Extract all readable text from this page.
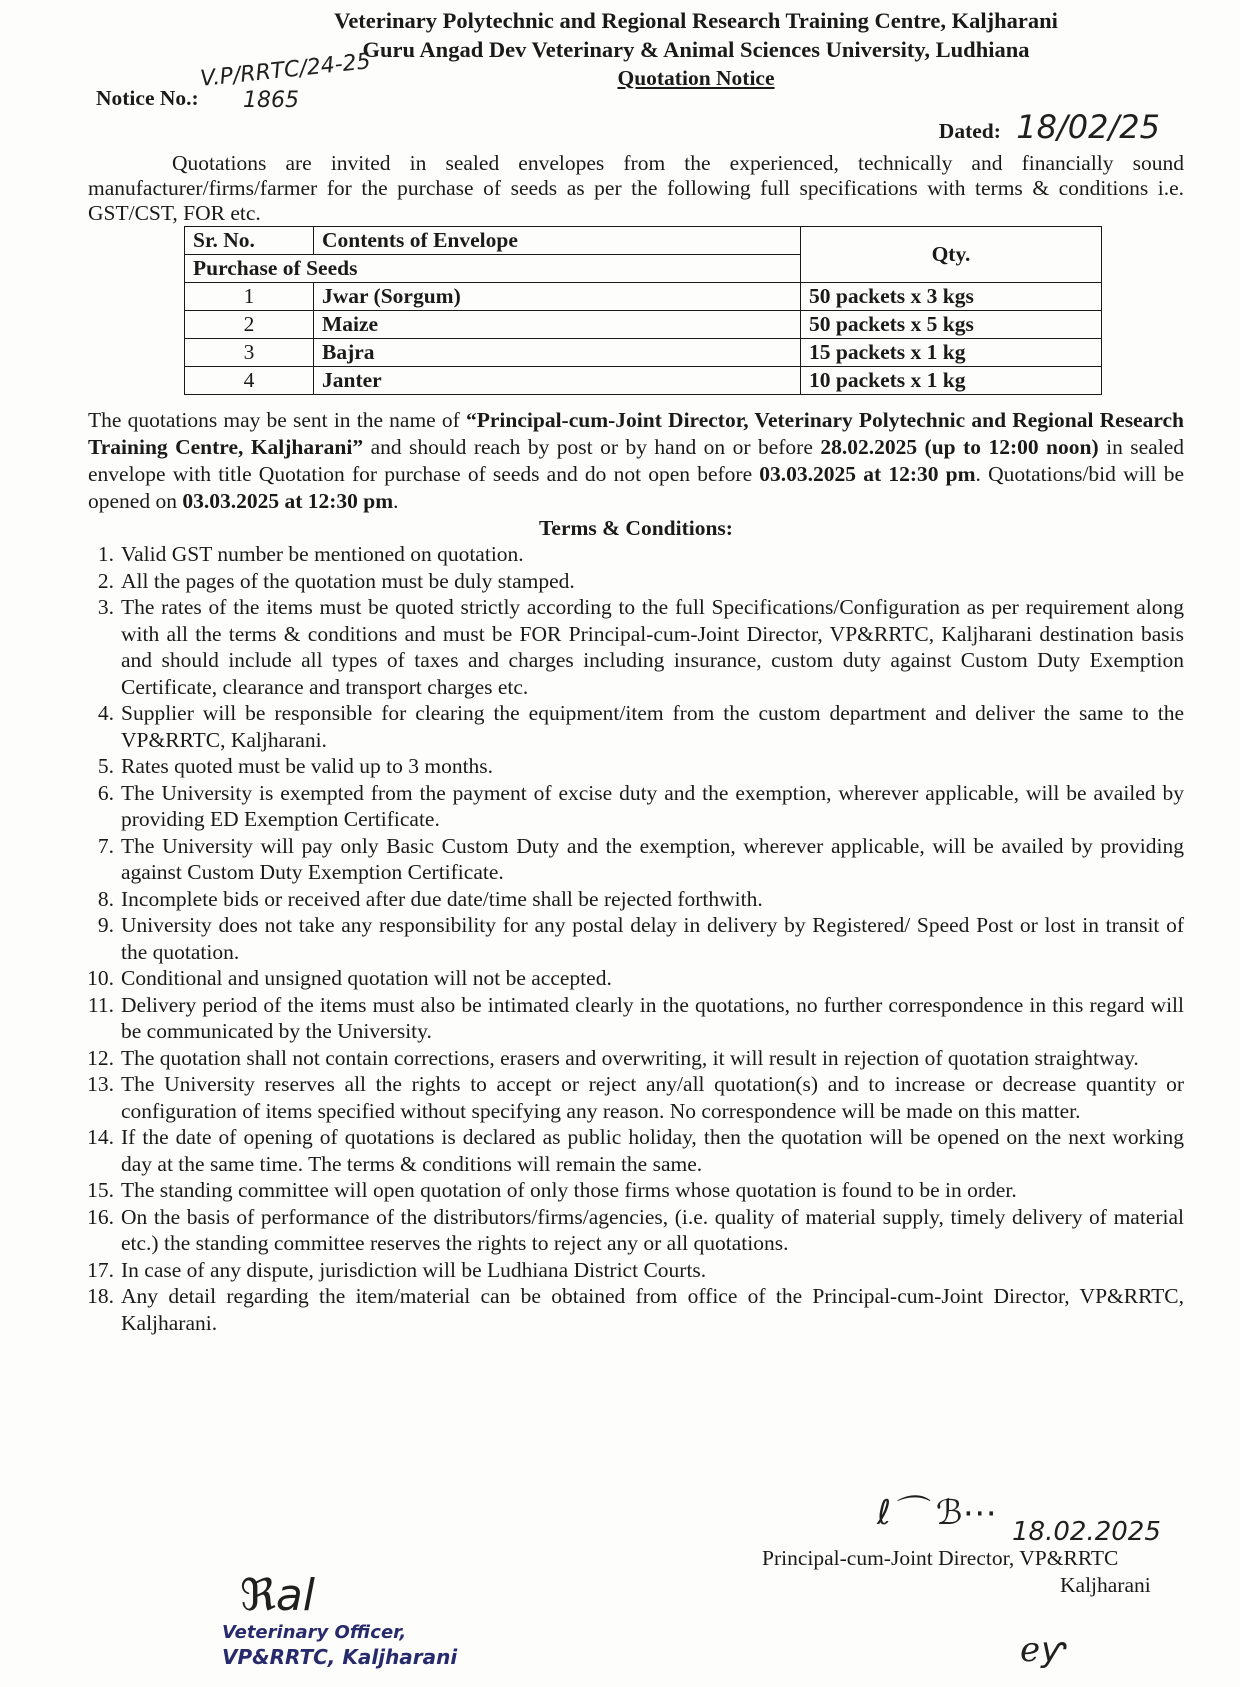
Veterinary Polytechnic and Regional Research Training Centre, Kaljharani
Guru Angad Dev Veterinary & Animal Sciences University, Ludhiana
Quotation Notice
Notice No.:
V.P/RRTC/24-25
1865
Dated: 18/02/25
Quotations are invited in sealed envelopes from the experienced, technically and financially sound manufacturer/firms/farmer for the purchase of seeds as per the following full specifications with terms & conditions i.e. GST/CST, FOR etc.
Sr. No.	Contents of Envelope	Qty.
Purchase of Seeds		
1	Jwar (Sorgum)	50 packets x 3 kgs
2	Maize	50 packets x 5 kgs
3	Bajra	15 packets x 1 kg
4	Janter	10 packets x 1 kg
The quotations may be sent in the name of “Principal-cum-Joint Director, Veterinary Polytechnic and Regional Research Training Centre, Kaljharani” and should reach by post or by hand on or before 28.02.2025 (up to 12:00 noon) in sealed envelope with title Quotation for purchase of seeds and do not open before 03.03.2025 at 12:30 pm. Quotations/bid will be opened on 03.03.2025 at 12:30 pm.
Terms & Conditions:
1. Valid GST number be mentioned on quotation.
2. All the pages of the quotation must be duly stamped.
3. The rates of the items must be quoted strictly according to the full Specifications/Configuration as per requirement along with all the terms & conditions and must be FOR Principal-cum-Joint Director, VP&RRTC, Kaljharani destination basis and should include all types of taxes and charges including insurance, custom duty against Custom Duty Exemption Certificate, clearance and transport charges etc.
4. Supplier will be responsible for clearing the equipment/item from the custom department and deliver the same to the VP&RRTC, Kaljharani.
5. Rates quoted must be valid up to 3 months.
6. The University is exempted from the payment of excise duty and the exemption, wherever applicable, will be availed by providing ED Exemption Certificate.
7. The University will pay only Basic Custom Duty and the exemption, wherever applicable, will be availed by providing against Custom Duty Exemption Certificate.
8. Incomplete bids or received after due date/time shall be rejected forthwith.
9. University does not take any responsibility for any postal delay in delivery by Registered/ Speed Post or lost in transit of the quotation.
10. Conditional and unsigned quotation will not be accepted.
11. Delivery period of the items must also be intimated clearly in the quotations, no further correspondence in this regard will be communicated by the University.
12. The quotation shall not contain corrections, erasers and overwriting, it will result in rejection of quotation straightway.
13. The University reserves all the rights to accept or reject any/all quotation(s) and to increase or decrease quantity or configuration of items specified without specifying any reason. No correspondence will be made on this matter.
14. If the date of opening of quotations is declared as public holiday, then the quotation will be opened on the next working day at the same time. The terms & conditions will remain the same.
15. The standing committee will open quotation of only those firms whose quotation is found to be in order.
16. On the basis of performance of the distributors/firms/agencies, (i.e. quality of material supply, timely delivery of material etc.) the standing committee reserves the rights to reject any or all quotations.
17. In case of any dispute, jurisdiction will be Ludhiana District Courts.
18. Any detail regarding the item/material can be obtained from office of the Principal-cum-Joint Director, VP&RRTC, Kaljharani.
ℓ⌒ ℬ⋯ 18.02.2025
Principal-cum-Joint Director, VP&RRTC
Kaljharani
ℯƴ
ℜal
Veterinary Officer,
VP&RRTC, Kaljharani
